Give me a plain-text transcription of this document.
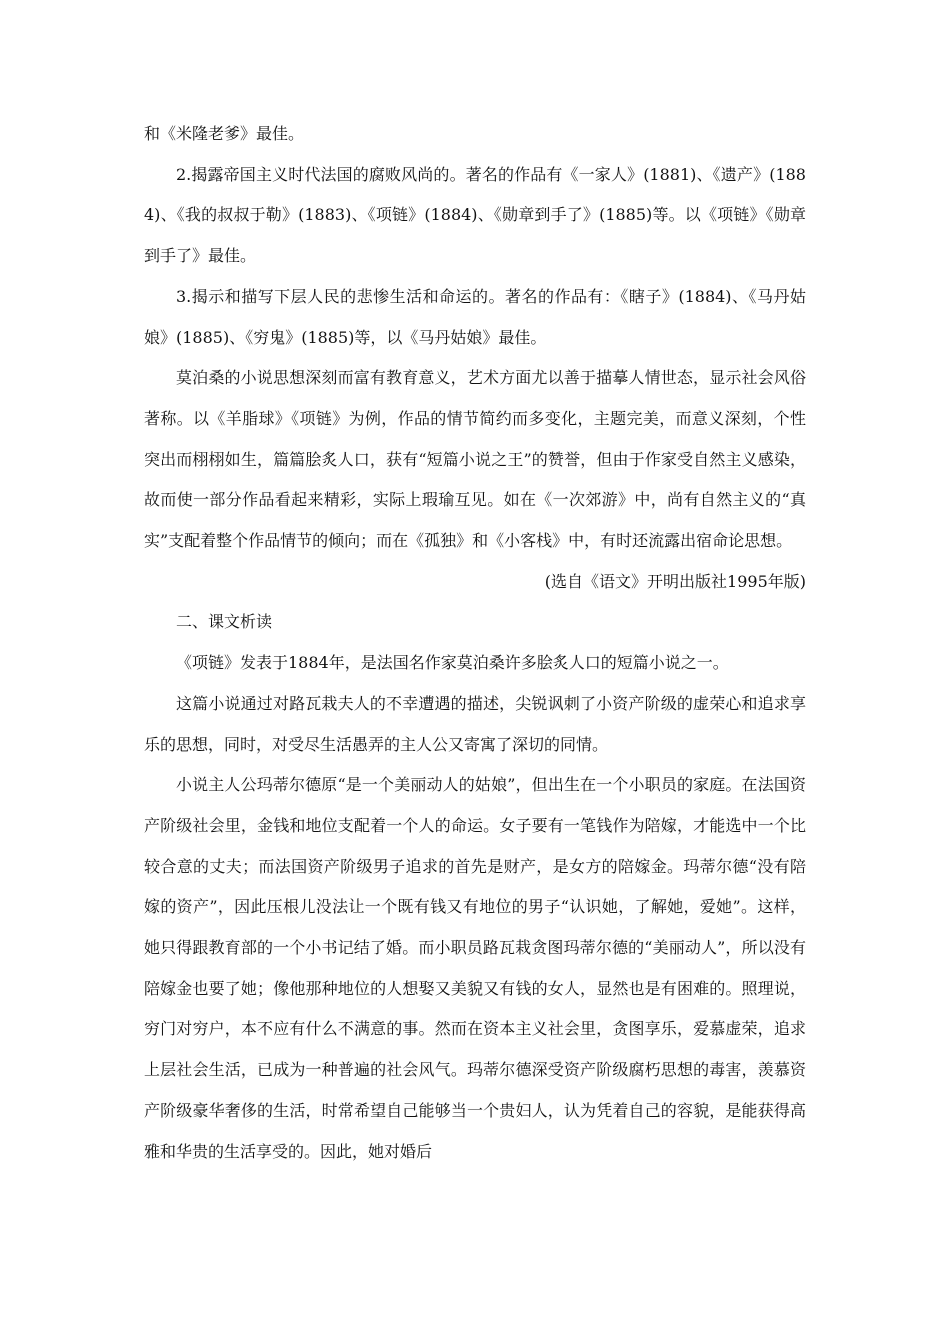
和《米隆老爹》最佳。

2.揭露帝国主义时代法国的腐败风尚的。著名的作品有《一家人》(1881)、《遗产》(1884)、《我的叔叔于勒》(1883)、《项链》(1884)、《勋章到手了》(1885)等。以《项链》《勋章到手了》最佳。

3.揭示和描写下层人民的悲惨生活和命运的。著名的作品有：《瞎子》(1884)、《马丹姑娘》(1885)、《穷鬼》(1885)等，以《马丹姑娘》最佳。

莫泊桑的小说思想深刻而富有教育意义，艺术方面尤以善于描摹人情世态，显示社会风俗著称。以《羊脂球》《项链》为例，作品的情节简约而多变化，主题完美，而意义深刻，个性突出而栩栩如生，篇篇脍炙人口，获有“短篇小说之王”的赞誉，但由于作家受自然主义感染，故而使一部分作品看起来精彩，实际上瑕瑜互见。如在《一次郊游》中，尚有自然主义的“真实”支配着整个作品情节的倾向；而在《孤独》和《小客栈》中，有时还流露出宿命论思想。

(选自《语文》开明出版社1995年版)

二、课文析读

《项链》发表于1884年，是法国名作家莫泊桑许多脍炙人口的短篇小说之一。

这篇小说通过对路瓦栽夫人的不幸遭遇的描述，尖锐讽刺了小资产阶级的虚荣心和追求享乐的思想，同时，对受尽生活愚弄的主人公又寄寓了深切的同情。

小说主人公玛蒂尔德原“是一个美丽动人的姑娘”，但出生在一个小职员的家庭。在法国资产阶级社会里，金钱和地位支配着一个人的命运。女子要有一笔钱作为陪嫁，才能选中一个比较合意的丈夫；而法国资产阶级男子追求的首先是财产，是女方的陪嫁金。玛蒂尔德“没有陪嫁的资产”，因此压根儿没法让一个既有钱又有地位的男子“认识她，了解她，爱她”。这样，她只得跟教育部的一个小书记结了婚。而小职员路瓦栽贪图玛蒂尔德的“美丽动人”，所以没有陪嫁金也要了她；像他那种地位的人想娶又美貌又有钱的女人，显然也是有困难的。照理说，穷门对穷户，本不应有什么不满意的事。然而在资本主义社会里，贪图享乐，爱慕虚荣，追求上层社会生活，已成为一种普遍的社会风气。玛蒂尔德深受资产阶级腐朽思想的毒害，羡慕资产阶级豪华奢侈的生活，时常希望自己能够当一个贵妇人，认为凭着自己的容貌，是能获得高雅和华贵的生活享受的。因此，她对婚后
